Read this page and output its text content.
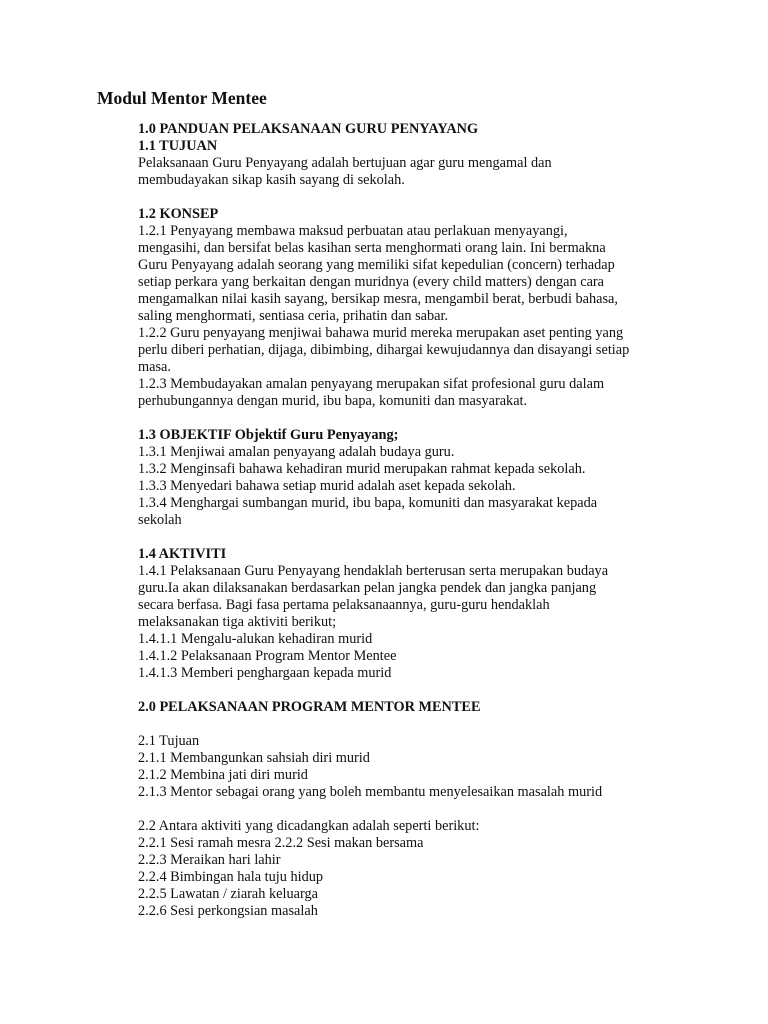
Modul Mentor Mentee
1.0 PANDUAN PELAKSANAAN GURU PENYAYANG
1.1 TUJUAN
Pelaksanaan Guru Penyayang adalah bertujuan agar guru mengamal dan
membudayakan sikap kasih sayang di sekolah.
1.2 KONSEP
1.2.1 Penyayang membawa maksud perbuatan atau perlakuan menyayangi,
mengasihi, dan bersifat belas kasihan serta menghormati orang lain. Ini bermakna
Guru Penyayang adalah seorang yang memiliki sifat kepedulian (concern) terhadap
setiap perkara yang berkaitan dengan muridnya (every child matters) dengan cara
mengamalkan nilai kasih sayang, bersikap mesra, mengambil berat, berbudi bahasa,
saling menghormati, sentiasa ceria, prihatin dan sabar.
1.2.2 Guru penyayang menjiwai bahawa murid mereka merupakan aset penting yang
perlu diberi perhatian, dijaga, dibimbing, dihargai kewujudannya dan disayangi setiap
masa.
1.2.3 Membudayakan amalan penyayang merupakan sifat profesional guru dalam
perhubungannya dengan murid, ibu bapa, komuniti dan masyarakat.
1.3 OBJEKTIF Objektif Guru Penyayang;
1.3.1 Menjiwai amalan penyayang adalah budaya guru.
1.3.2 Menginsafi bahawa kehadiran murid merupakan rahmat kepada sekolah.
1.3.3 Menyedari bahawa setiap murid adalah aset kepada sekolah.
1.3.4 Menghargai sumbangan murid, ibu bapa, komuniti dan masyarakat kepada
sekolah
1.4 AKTIVITI
1.4.1 Pelaksanaan Guru Penyayang hendaklah berterusan serta merupakan budaya
guru.Ia akan dilaksanakan berdasarkan pelan jangka pendek dan jangka panjang
secara berfasa. Bagi fasa pertama pelaksanaannya, guru-guru hendaklah
melaksanakan tiga aktiviti berikut;
1.4.1.1 Mengalu-alukan kehadiran murid
1.4.1.2 Pelaksanaan Program Mentor Mentee
1.4.1.3 Memberi penghargaan kepada murid
2.0 PELAKSANAAN PROGRAM MENTOR MENTEE
2.1 Tujuan
2.1.1 Membangunkan sahsiah diri murid
2.1.2 Membina jati diri murid
2.1.3 Mentor sebagai orang yang boleh membantu menyelesaikan masalah murid
2.2 Antara aktiviti yang dicadangkan adalah seperti berikut:
2.2.1 Sesi ramah mesra 2.2.2 Sesi makan bersama
2.2.3 Meraikan hari lahir
2.2.4 Bimbingan hala tuju hidup
2.2.5 Lawatan / ziarah keluarga
2.2.6 Sesi perkongsian masalah
